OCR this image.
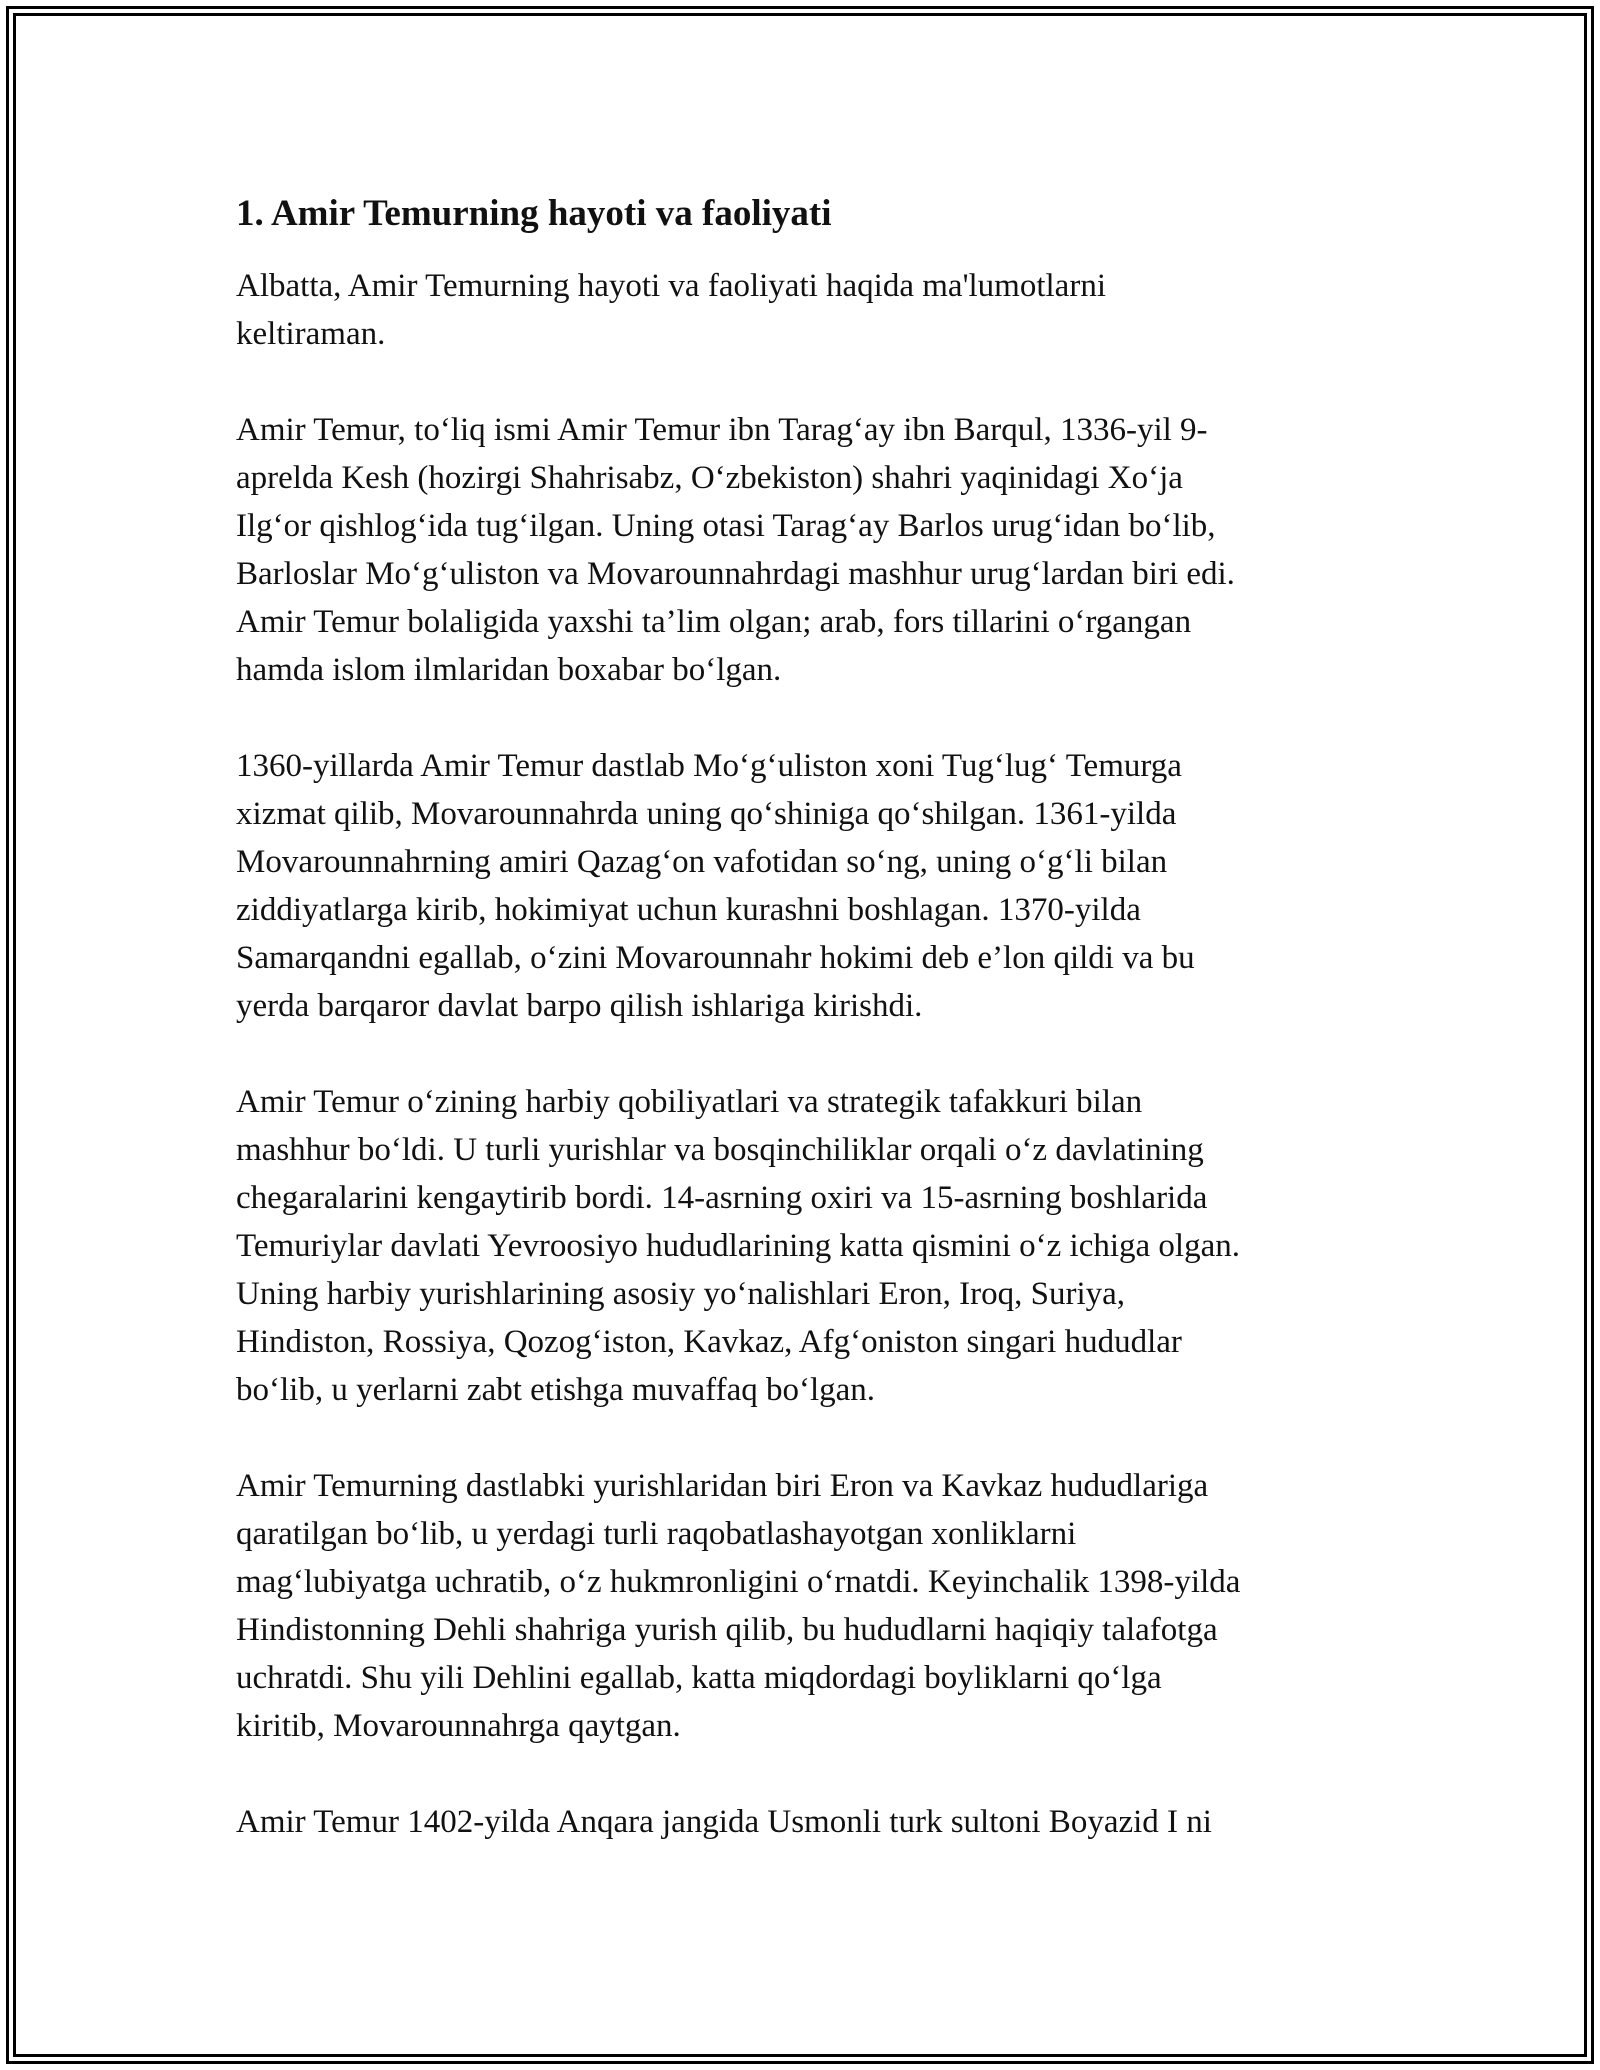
1. Amir Temurning hayoti va faoliyati
Albatta, Amir Temurning hayoti va faoliyati haqida ma'lumotlarni
keltiraman.
Amir Temur, to‘liq ismi Amir Temur ibn Tarag‘ay ibn Barqul, 1336-yil 9-
aprelda Kesh (hozirgi Shahrisabz, O‘zbekiston) shahri yaqinidagi Xo‘ja
Ilg‘or qishlog‘ida tug‘ilgan. Uning otasi Tarag‘ay Barlos urug‘idan bo‘lib,
Barloslar Mo‘g‘uliston va Movarounnahrdagi mashhur urug‘lardan biri edi.
Amir Temur bolaligida yaxshi ta’lim olgan; arab, fors tillarini o‘rgangan
hamda islom ilmlaridan boxabar bo‘lgan.
1360-yillarda Amir Temur dastlab Mo‘g‘uliston xoni Tug‘lug‘ Temurga
xizmat qilib, Movarounnahrda uning qo‘shiniga qo‘shilgan. 1361-yilda
Movarounnahrning amiri Qazag‘on vafotidan so‘ng, uning o‘g‘li bilan
ziddiyatlarga kirib, hokimiyat uchun kurashni boshlagan. 1370-yilda
Samarqandni egallab, o‘zini Movarounnahr hokimi deb e’lon qildi va bu
yerda barqaror davlat barpo qilish ishlariga kirishdi.
Amir Temur o‘zining harbiy qobiliyatlari va strategik tafakkuri bilan
mashhur bo‘ldi. U turli yurishlar va bosqinchiliklar orqali o‘z davlatining
chegaralarini kengaytirib bordi. 14-asrning oxiri va 15-asrning boshlarida
Temuriylar davlati Yevroosiyo hududlarining katta qismini o‘z ichiga olgan.
Uning harbiy yurishlarining asosiy yo‘nalishlari Eron, Iroq, Suriya,
Hindiston, Rossiya, Qozog‘iston, Kavkaz, Afg‘oniston singari hududlar
bo‘lib, u yerlarni zabt etishga muvaffaq bo‘lgan.
Amir Temurning dastlabki yurishlaridan biri Eron va Kavkaz hududlariga
qaratilgan bo‘lib, u yerdagi turli raqobatlashayotgan xonliklarni
mag‘lubiyatga uchratib, o‘z hukmronligini o‘rnatdi. Keyinchalik 1398-yilda
Hindistonning Dehli shahriga yurish qilib, bu hududlarni haqiqiy talafotga
uchratdi. Shu yili Dehlini egallab, katta miqdordagi boyliklarni qo‘lga
kiritib, Movarounnahrga qaytgan.
Amir Temur 1402-yilda Anqara jangida Usmonli turk sultoni Boyazid I ni
